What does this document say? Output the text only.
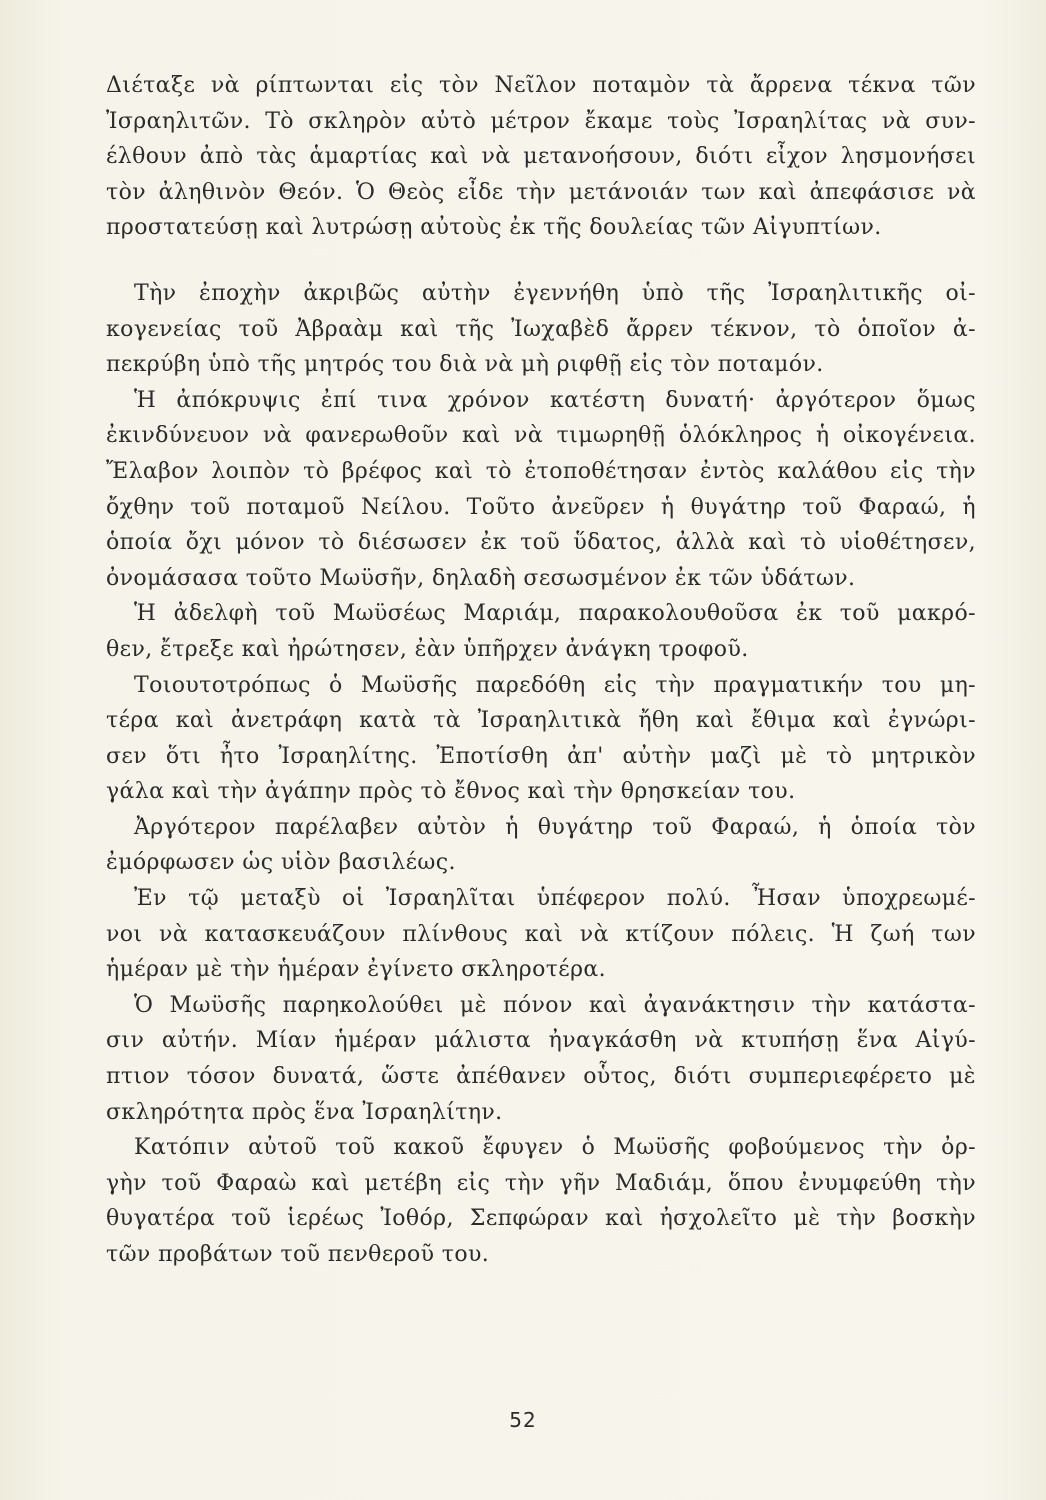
Διέταξε νὰ ρίπτωνται εἰς τὸν Νεῖλον ποταμὸν τὰ ἄρρενα τέκνα τῶν
Ἰσραηλιτῶν. Τὸ σκληρὸν αὐτὸ μέτρον ἔκαμε τοὺς Ἰσραηλίτας νὰ συν-
έλθουν ἀπὸ τὰς ἁμαρτίας καὶ νὰ μετανοήσουν, διότι εἶχον λησμονήσει
τὸν ἀληθινὸν Θεόν. Ὁ Θεὸς εἶδε τὴν μετάνοιάν των καὶ ἀπεφάσισε νὰ
προστατεύσῃ καὶ λυτρώσῃ αὐτοὺς ἐκ τῆς δουλείας τῶν Αἰγυπτίων.

Τὴν ἐποχὴν ἀκριβῶς αὐτὴν ἐγεννήθη ὑπὸ τῆς Ἰσραηλιτικῆς οἰ-
κογενείας τοῦ Ἀβραὰμ καὶ τῆς Ἰωχαβὲδ ἄρρεν τέκνον, τὸ ὁποῖον ἀ-
πεκρύβη ὑπὸ τῆς μητρός του διὰ νὰ μὴ ριφθῇ εἰς τὸν ποταμόν.

Ἡ ἀπόκρυψις ἐπί τινα χρόνον κατέστη δυνατή· ἀργότερον ὅμως
ἐκινδύνευον νὰ φανερωθοῦν καὶ νὰ τιμωρηθῇ ὁλόκληρος ἡ οἰκογένεια.
Ἔλαβον λοιπὸν τὸ βρέφος καὶ τὸ ἐτοποθέτησαν ἐντὸς καλάθου εἰς τὴν
ὄχθην τοῦ ποταμοῦ Νείλου. Τοῦτο ἀνεῦρεν ἡ θυγάτηρ τοῦ Φαραώ, ἡ
ὁποία ὄχι μόνον τὸ διέσωσεν ἐκ τοῦ ὕδατος, ἀλλὰ καὶ τὸ υἱοθέτησεν,
ὀνομάσασα τοῦτο Μωϋσῆν, δηλαδὴ σεσωσμένον ἐκ τῶν ὑδάτων.

Ἡ ἀδελφὴ τοῦ Μωϋσέως Μαριάμ, παρακολουθοῦσα ἐκ τοῦ μακρό-
θεν, ἔτρεξε καὶ ἠρώτησεν, ἐὰν ὑπῆρχεν ἀνάγκη τροφοῦ.

Τοιουτοτρόπως ὁ Μωϋσῆς παρεδόθη εἰς τὴν πραγματικήν του μη-
τέρα καὶ ἀνετράφη κατὰ τὰ Ἰσραηλιτικὰ ἤθη καὶ ἔθιμα καὶ ἐγνώρι-
σεν ὅτι ἦτο Ἰσραηλίτης. Ἐποτίσθη ἀπ' αὐτὴν μαζὶ μὲ τὸ μητρικὸν
γάλα καὶ τὴν ἀγάπην πρὸς τὸ ἔθνος καὶ τὴν θρησκείαν του.

Ἀργότερον παρέλαβεν αὐτὸν ἡ θυγάτηρ τοῦ Φαραώ, ἡ ὁποία τὸν
ἐμόρφωσεν ὡς υἱὸν βασιλέως.

Ἐν τῷ μεταξὺ οἱ Ἰσραηλῖται ὑπέφερον πολύ. Ἦσαν ὑποχρεωμέ-
νοι νὰ κατασκευάζουν πλίνθους καὶ νὰ κτίζουν πόλεις. Ἡ ζωή των
ἡμέραν μὲ τὴν ἡμέραν ἐγίνετο σκληροτέρα.

Ὁ Μωϋσῆς παρηκολούθει μὲ πόνον καὶ ἀγανάκτησιν τὴν κατάστα-
σιν αὐτήν. Μίαν ἡμέραν μάλιστα ἠναγκάσθη νὰ κτυπήσῃ ἕνα Αἰγύ-
πτιον τόσον δυνατά, ὥστε ἀπέθανεν οὗτος, διότι συμπεριεφέρετο μὲ
σκληρότητα πρὸς ἕνα Ἰσραηλίτην.

Κατόπιν αὐτοῦ τοῦ κακοῦ ἔφυγεν ὁ Μωϋσῆς φοβούμενος τὴν ὀρ-
γὴν τοῦ Φαραὼ καὶ μετέβη εἰς τὴν γῆν Μαδιάμ, ὅπου ἐνυμφεύθη τὴν
θυγατέρα τοῦ ἱερέως Ἰοθόρ, Σεπφώραν καὶ ἠσχολεῖτο μὲ τὴν βοσκὴν
τῶν προβάτων τοῦ πενθεροῦ του.

52
